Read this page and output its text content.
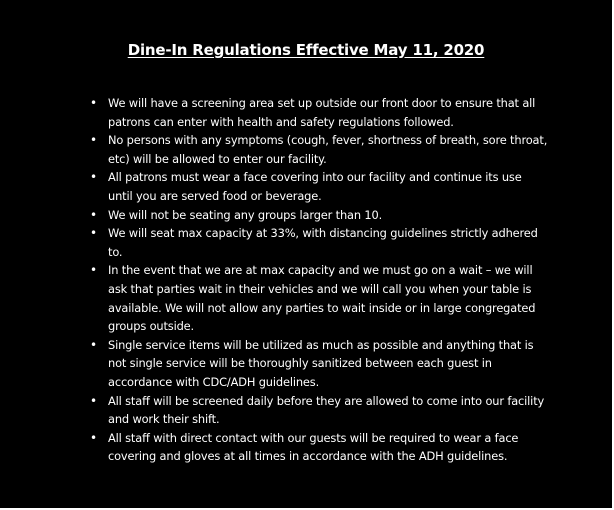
Dine-In Regulations Effective May 11, 2020
• We will have a screening area set up outside our front door to ensure that all patrons can enter with health and safety regulations followed.
• No persons with any symptoms (cough, fever, shortness of breath, sore throat, etc) will be allowed to enter our facility.
• All patrons must wear a face covering into our facility and continue its use until you are served food or beverage.
• We will not be seating any groups larger than 10.
• We will seat max capacity at 33%, with distancing guidelines strictly adhered to.
• In the event that we are at max capacity and we must go on a wait – we will ask that parties wait in their vehicles and we will call you when your table is available. We will not allow any parties to wait inside or in large congregated groups outside.
• Single service items will be utilized as much as possible and anything that is not single service will be thoroughly sanitized between each guest in accordance with CDC/ADH guidelines.
• All staff will be screened daily before they are allowed to come into our facility and work their shift.
• All staff with direct contact with our guests will be required to wear a face covering and gloves at all times in accordance with the ADH guidelines.
